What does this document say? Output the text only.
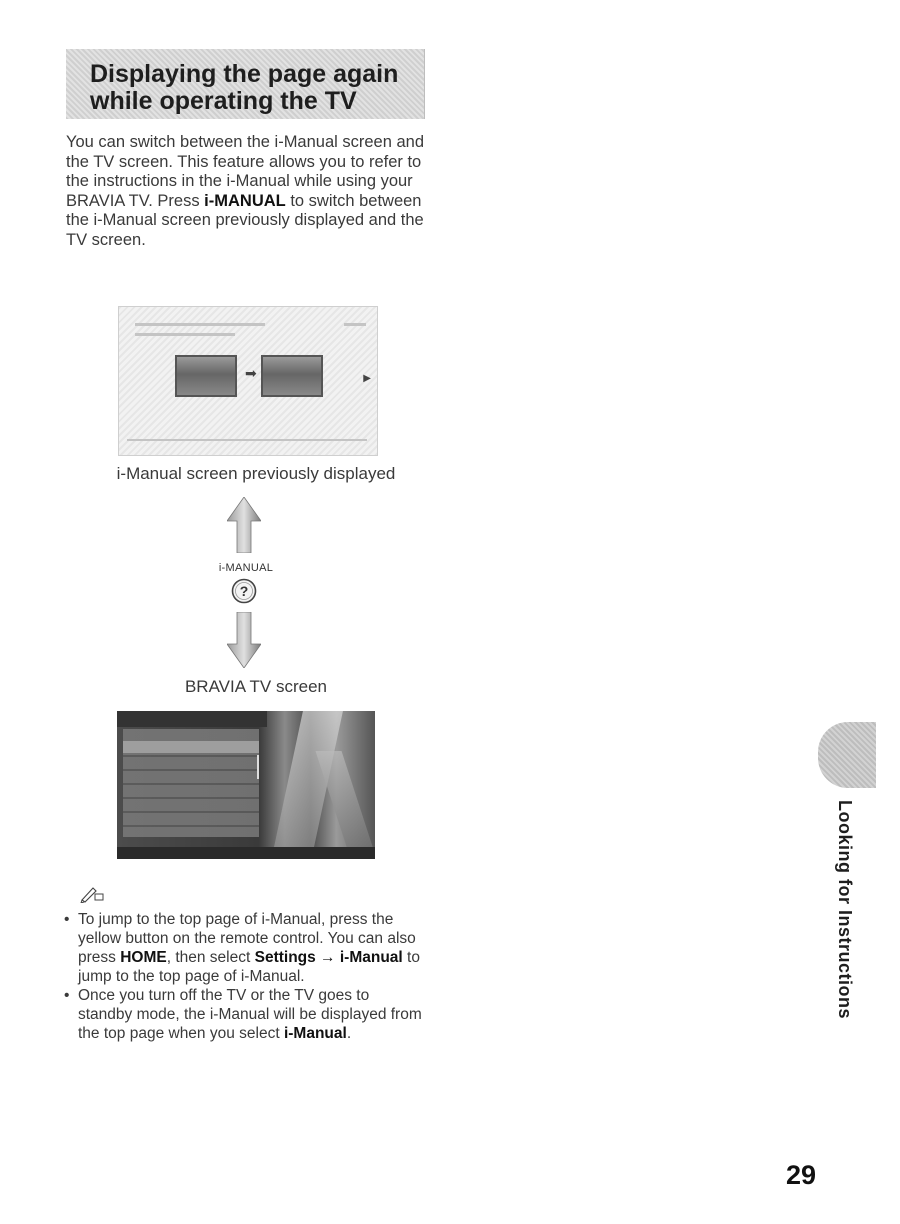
Displaying the page again
while operating the TV

You can switch between the i-Manual screen and the TV screen. This feature allows you to refer to the instructions in the i-Manual while using your BRAVIA TV. Press i-MANUAL to switch between the i-Manual screen previously displayed and the TV screen.

➡	▶
i-Manual screen previously displayed
i-MANUAL
?
BRAVIA TV screen
• To jump to the top page of i-Manual, press the yellow button on the remote control. You can also press HOME, then select Settings → i-Manual to jump to the top page of i-Manual.
• Once you turn off the TV or the TV goes to standby mode, the i-Manual will be displayed from the top page when you select i-Manual.
Looking for Instructions
29
